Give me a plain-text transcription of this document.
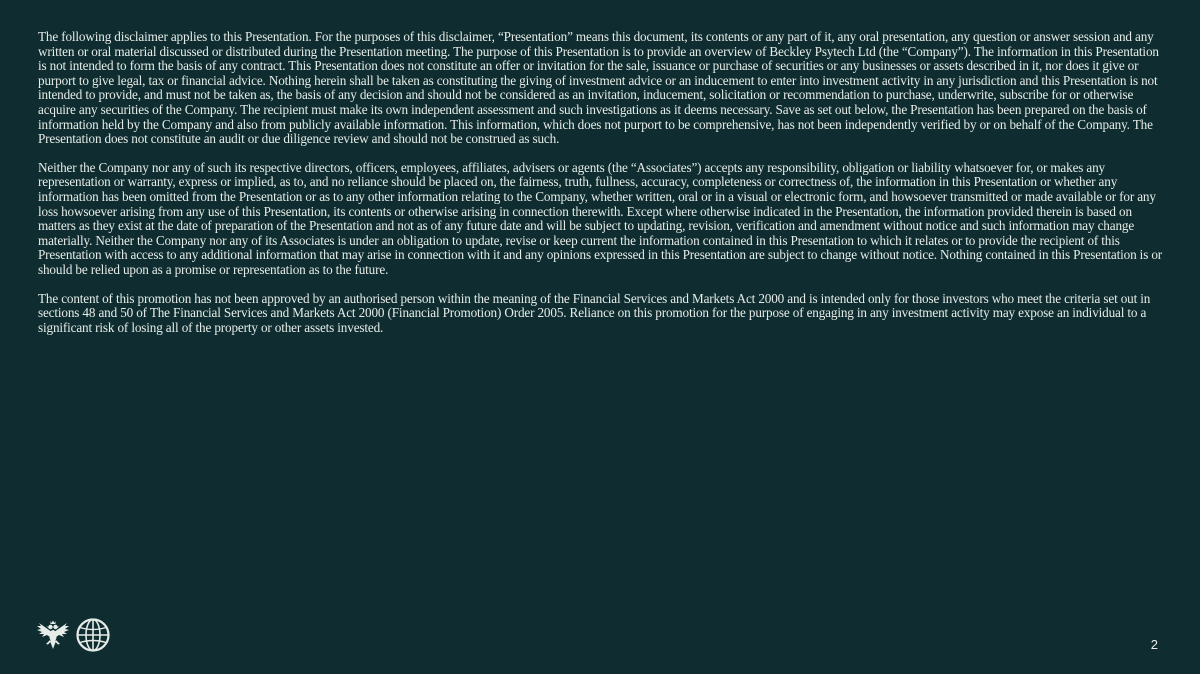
The following disclaimer applies to this Presentation. For the purposes of this disclaimer, “Presentation” means this document, its contents or any part of it, any oral presentation, any question or answer session and any written or oral material discussed or distributed during the Presentation meeting. The purpose of this Presentation is to provide an overview of Beckley Psytech Ltd (the “Company”). The information in this Presentation is not intended to form the basis of any contract. This Presentation does not constitute an offer or invitation for the sale, issuance or purchase of securities or any businesses or assets described in it, nor does it give or purport to give legal, tax or financial advice. Nothing herein shall be taken as constituting the giving of investment advice or an inducement to enter into investment activity in any jurisdiction and this Presentation is not intended to provide, and must not be taken as, the basis of any decision and should not be considered as an invitation, inducement, solicitation or recommendation to purchase, underwrite, subscribe for or otherwise acquire any securities of the Company. The recipient must make its own independent assessment and such investigations as it deems necessary. Save as set out below, the Presentation has been prepared on the basis of information held by the Company and also from publicly available information. This information, which does not purport to be comprehensive, has not been independently verified by or on behalf of the Company. The Presentation does not constitute an audit or due diligence review and should not be construed as such.

Neither the Company nor any of such its respective directors, officers, employees, affiliates, advisers or agents (the “Associates”) accepts any responsibility, obligation or liability whatsoever for, or makes any representation or warranty, express or implied, as to, and no reliance should be placed on, the fairness, truth, fullness, accuracy, completeness or correctness of, the information in this Presentation or whether any information has been omitted from the Presentation or as to any other information relating to the Company, whether written, oral or in a visual or electronic form, and howsoever transmitted or made available or for any loss howsoever arising from any use of this Presentation, its contents or otherwise arising in connection therewith. Except where otherwise indicated in the Presentation, the information provided therein is based on matters as they exist at the date of preparation of the Presentation and not as of any future date and will be subject to updating, revision, verification and amendment without notice and such information may change materially. Neither the Company nor any of its Associates is under an obligation to update, revise or keep current the information contained in this Presentation to which it relates or to provide the recipient of this Presentation with access to any additional information that may arise in connection with it and any opinions expressed in this Presentation are subject to change without notice. Nothing contained in this Presentation is or should be relied upon as a promise or representation as to the future.

The content of this promotion has not been approved by an authorised person within the meaning of the Financial Services and Markets Act 2000 and is intended only for those investors who meet the criteria set out in sections 48 and 50 of The Financial Services and Markets Act 2000 (Financial Promotion) Order 2005. Reliance on this promotion for the purpose of engaging in any investment activity may expose an individual to a significant risk of losing all of the property or other assets invested.

2
